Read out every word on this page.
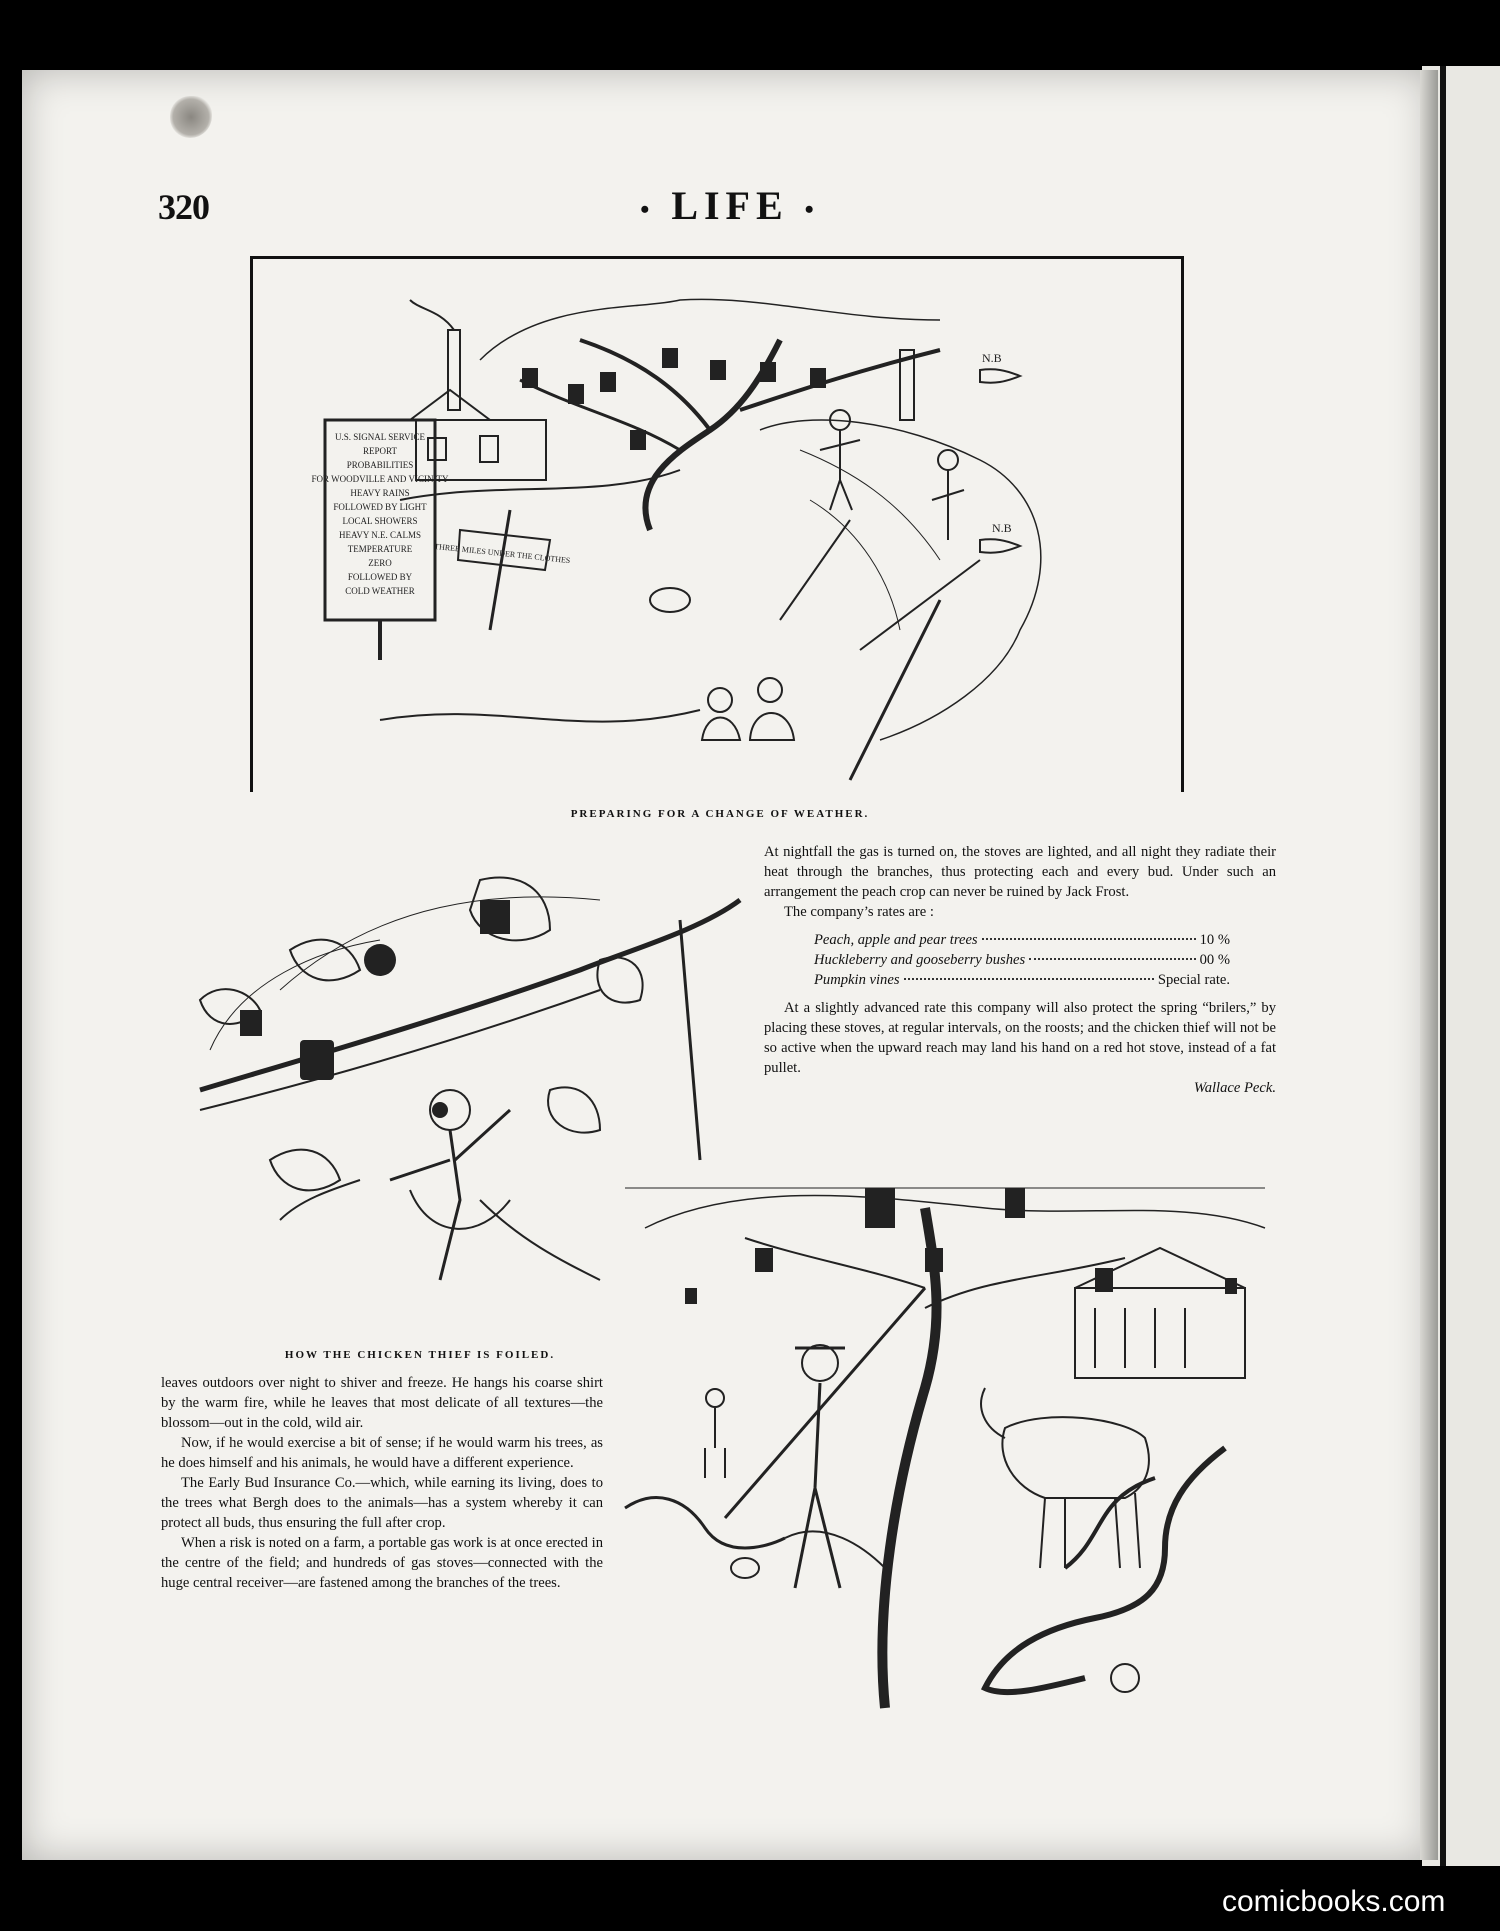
320	• LIFE •
U.S. SIGNAL SERVICE
REPORT
PROBABILITIES
FOR WOODVILLE AND VICINITY
HEAVY RAINS
FOLLOWED BY LIGHT
LOCAL SHOWERS
HEAVY N.E. CALMS
TEMPERATURE
ZERO
FOLLOWED BY
COLD WEATHER
THREE MILES UNDER THE CLOTHES
N.B
N.B
PREPARING FOR A CHANGE OF WEATHER.
HOW THE CHICKEN THIEF IS FOILED.

At nightfall the gas is turned on, the stoves are lighted, and all night they radiate their heat through the branches, thus protecting each and every bud. Under such an arrangement the peach crop can never be ruined by Jack Frost.

The company’s rates are :

Peach, apple and pear trees	10 %
Huckleberry and gooseberry bushes	00 %
Pumpkin vines	Special rate.

At a slightly advanced rate this company will also protect the spring “brilers,” by placing these stoves, at regular intervals, on the roosts; and the chicken thief will not be so active when the upward reach may land his hand on a red hot stove, instead of a fat pullet.

Wallace Peck.

leaves outdoors over night to shiver and freeze. He hangs his coarse shirt by the warm fire, while he leaves that most delicate of all textures—the blossom—out in the cold, wild air.

Now, if he would exercise a bit of sense; if he would warm his trees, as he does himself and his animals, he would have a different experience.

The Early Bud Insurance Co.—which, while earning its living, does to the trees what Bergh does to the animals—has a system whereby it can protect all buds, thus ensuring the full after crop.

When a risk is noted on a farm, a portable gas work is at once erected in the centre of the field; and hundreds of gas stoves—connected with the huge central receiver—are fastened among the branches of the trees.

comicbooks.com
